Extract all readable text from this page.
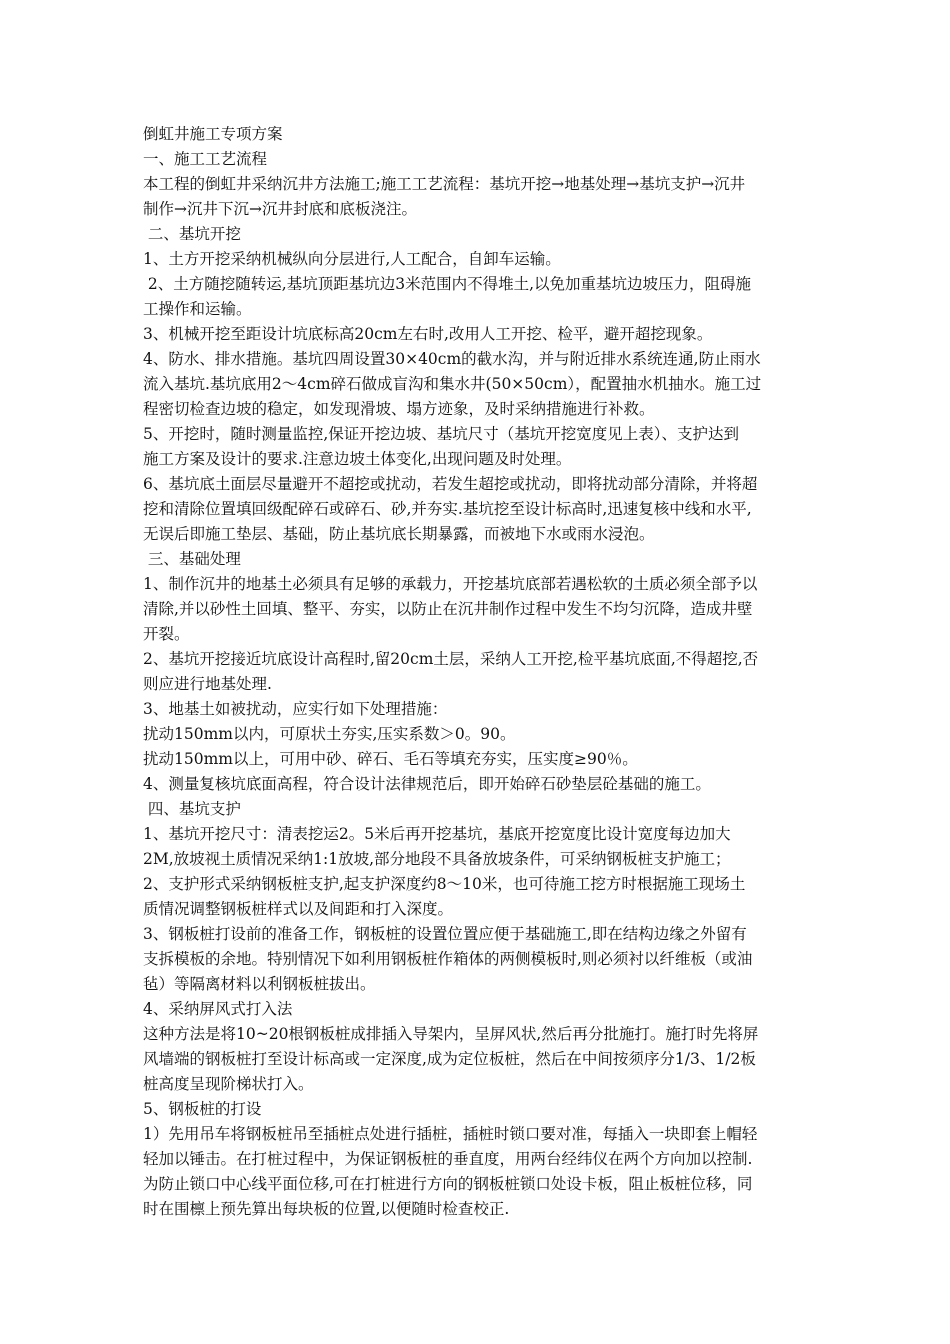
倒虹井施工专项方案

一、施工工艺流程

本工程的倒虹井采纳沉井方法施工;施工工艺流程：基坑开挖→地基处理→基坑支护→沉井

制作→沉井下沉→沉井封底和底板浇注。

二、基坑开挖

1、土方开挖采纳机械纵向分层进行,人工配合，自卸车运输。

2、土方随挖随转运,基坑顶距基坑边3米范围内不得堆土,以免加重基坑边坡压力，阻碍施

工操作和运输。

3、机械开挖至距设计坑底标高20cm左右时,改用人工开挖、检平，避开超挖现象。

4、防水、排水措施。基坑四周设置30×40cm的截水沟，并与附近排水系统连通,防止雨水

流入基坑.基坑底用2～4cm碎石做成盲沟和集水井(50×50cm），配置抽水机抽水。施工过

程密切检查边坡的稳定，如发现滑坡、塌方迹象，及时采纳措施进行补救。

5、开挖时，随时测量监控,保证开挖边坡、基坑尺寸（基坑开挖宽度见上表）、支护达到

施工方案及设计的要求.注意边坡土体变化,出现问题及时处理。

6、基坑底土面层尽量避开不超挖或扰动，若发生超挖或扰动，即将扰动部分清除，并将超

挖和清除位置填回级配碎石或碎石、砂,并夯实.基坑挖至设计标高时,迅速复核中线和水平,

无误后即施工垫层、基础，防止基坑底长期暴露，而被地下水或雨水浸泡。

三、基础处理

1、制作沉井的地基土必须具有足够的承载力，开挖基坑底部若遇松软的土质必须全部予以

清除,并以砂性土回填、整平、夯实，以防止在沉井制作过程中发生不均匀沉降，造成井壁

开裂。

2、基坑开挖接近坑底设计高程时,留20cm土层，采纳人工开挖,检平基坑底面,不得超挖,否

则应进行地基处理.

3、地基土如被扰动，应实行如下处理措施：

扰动150mm以内，可原状土夯实,压实系数＞0。90。

扰动150mm以上，可用中砂、碎石、毛石等填充夯实，压实度≥90％。

4、测量复核坑底面高程，符合设计法律规范后，即开始碎石砂垫层砼基础的施工。

四、基坑支护

1、基坑开挖尺寸：清表挖运2。5米后再开挖基坑，基底开挖宽度比设计宽度每边加大

2M,放坡视土质情况采纳1:1放坡,部分地段不具备放坡条件，可采纳钢板桩支护施工；

2、支护形式采纳钢板桩支护,起支护深度约8～10米，也可待施工挖方时根据施工现场土

质情况调整钢板桩样式以及间距和打入深度。

3、钢板桩打设前的准备工作，钢板桩的设置位置应便于基础施工,即在结构边缘之外留有

支拆模板的余地。特别情况下如利用钢板桩作箱体的两侧模板时,则必须衬以纤维板（或油

毡）等隔离材料以利钢板桩拔出。

4、采纳屏风式打入法

这种方法是将10~20根钢板桩成排插入导架内，呈屏风状,然后再分批施打。施打时先将屏

风墙端的钢板桩打至设计标高或一定深度,成为定位板桩，然后在中间按须序分1/3、1/2板

桩高度呈现阶梯状打入。

5、钢板桩的打设

1）先用吊车将钢板桩吊至插桩点处进行插桩，插桩时锁口要对准，每插入一块即套上帽轻

轻加以锤击。在打桩过程中，为保证钢板桩的垂直度，用两台经纬仪在两个方向加以控制.

为防止锁口中心线平面位移,可在打桩进行方向的钢板桩锁口处设卡板，阻止板桩位移，同

时在围檩上预先算出每块板的位置,以便随时检查校正.
